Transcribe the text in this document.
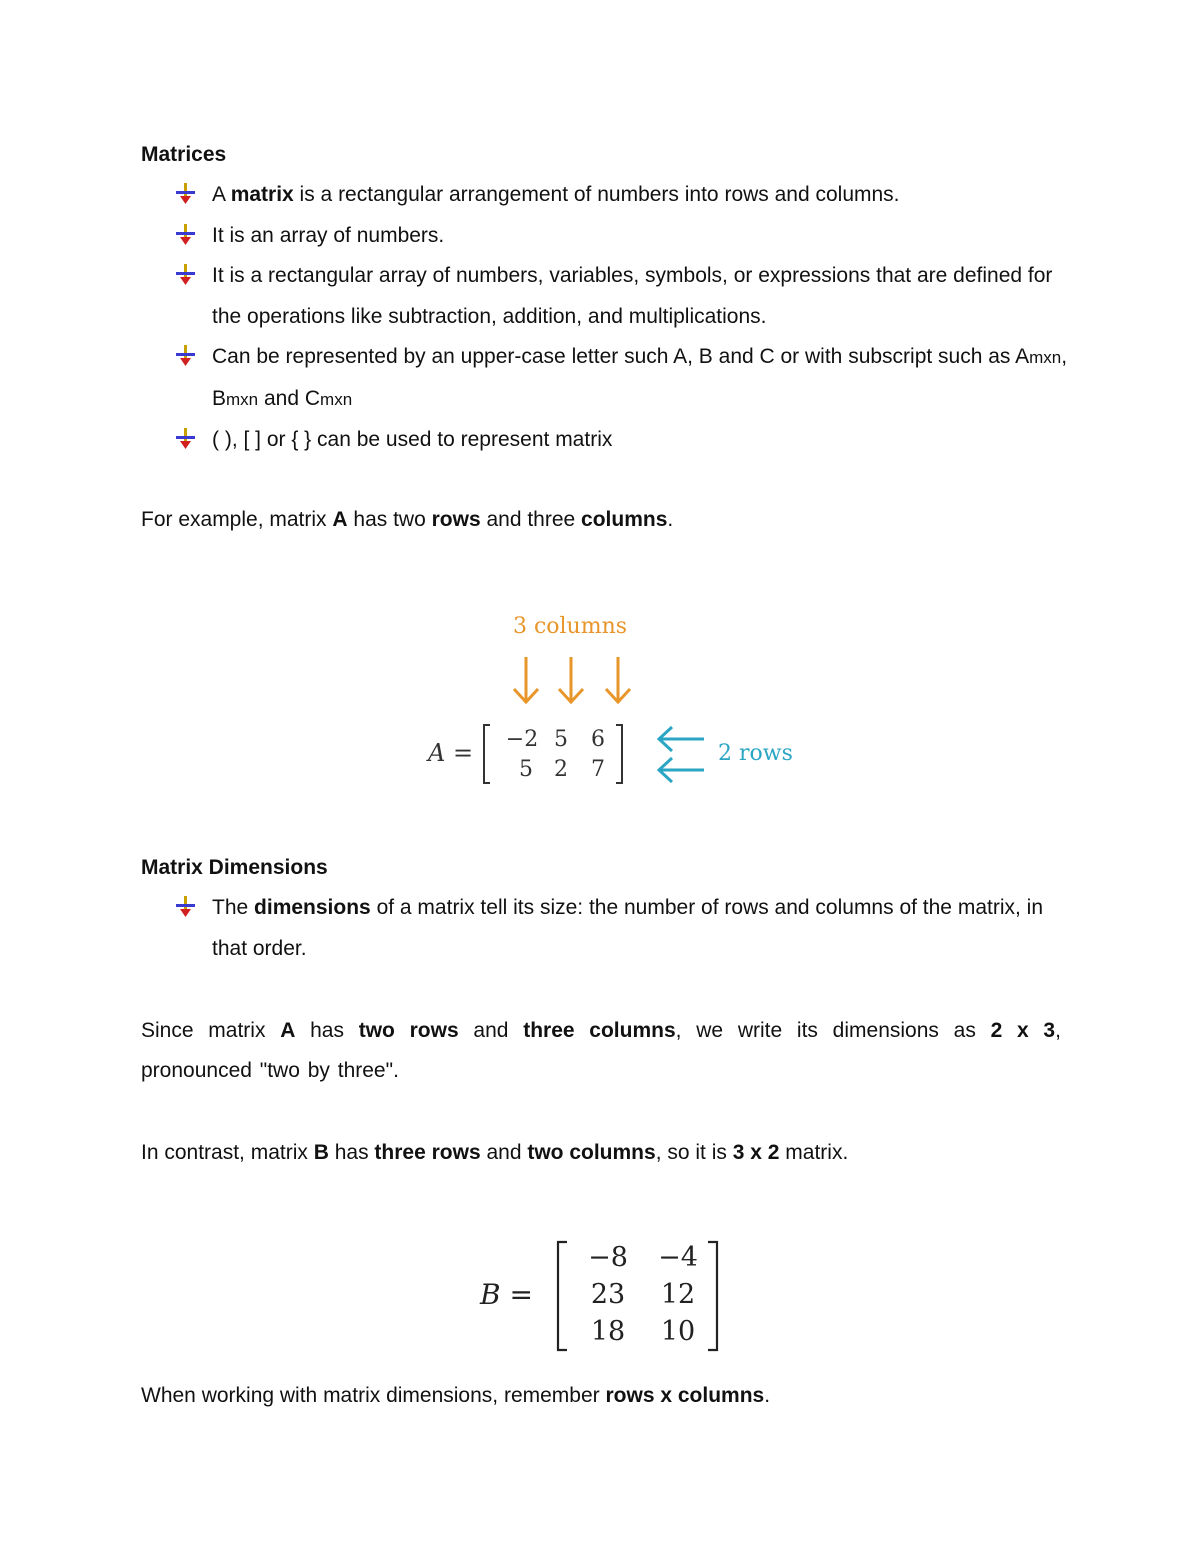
Matrices
A matrix is a rectangular arrangement of numbers into rows and columns.
It is an array of numbers.
It is a rectangular array of numbers, variables, symbols, or expressions that are defined for the operations like subtraction, addition, and multiplications.
Can be represented by an upper-case letter such A, B and C or with subscript such as Amxn, Bmxn and Cmxn
( ), [ ] or { } can be used to represent matrix
For example, matrix A has two rows and three columns.
3 columns
A = −2 5 6
5 2 7
2 rows
Matrix Dimensions
The dimensions of a matrix tell its size: the number of rows and columns of the matrix, in that order.
Since matrix A has two rows and three columns, we write its dimensions as 2 x 3, pronounced "two by three".
In contrast, matrix B has three rows and two columns, so it is 3 x 2 matrix.
B =
−8 −4
23 12
18 10
When working with matrix dimensions, remember rows x columns.
